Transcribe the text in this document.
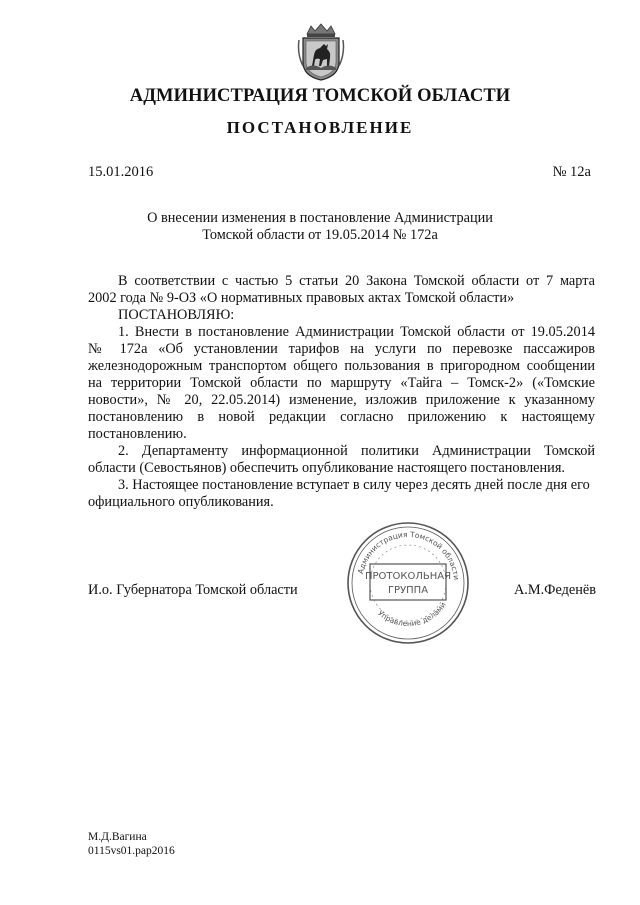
АДМИНИСТРАЦИЯ ТОМСКОЙ ОБЛАСТИ
ПОСТАНОВЛЕНИЕ
15.01.2016	№ 12а
О внесении изменения в постановление Администрации
Томской области от 19.05.2014 № 172а
В соответствии с частью 5 статьи 20 Закона Томской области от 7 марта
2002 года № 9-ОЗ «О нормативных правовых актах Томской области»
ПОСТАНОВЛЯЮ:
1. Внести в постановление Администрации Томской области от 19.05.2014
№ 172а «Об установлении тарифов на услуги по перевозке пассажиров
железнодорожным транспортом общего пользования в пригородном сообщении
на территории Томской области по маршруту «Тайга – Томск-2» («Томские
новости», № 20, 22.05.2014) изменение, изложив приложение к указанному
постановлению в новой редакции согласно приложению к настоящему
постановлению.
2. Департаменту информационной политики Администрации Томской
области (Севостьянов) обеспечить опубликование настоящего постановления.
3. Настоящее постановление вступает в силу через десять дней после дня его
официального опубликования.
И.о. Губернатора Томской области	А.М.Феденёв
Администрация Томской области
Управление делами
ПРОТОКОЛЬНАЯ
ГРУППА
М.Д.Вагина
0115vs01.pap2016
